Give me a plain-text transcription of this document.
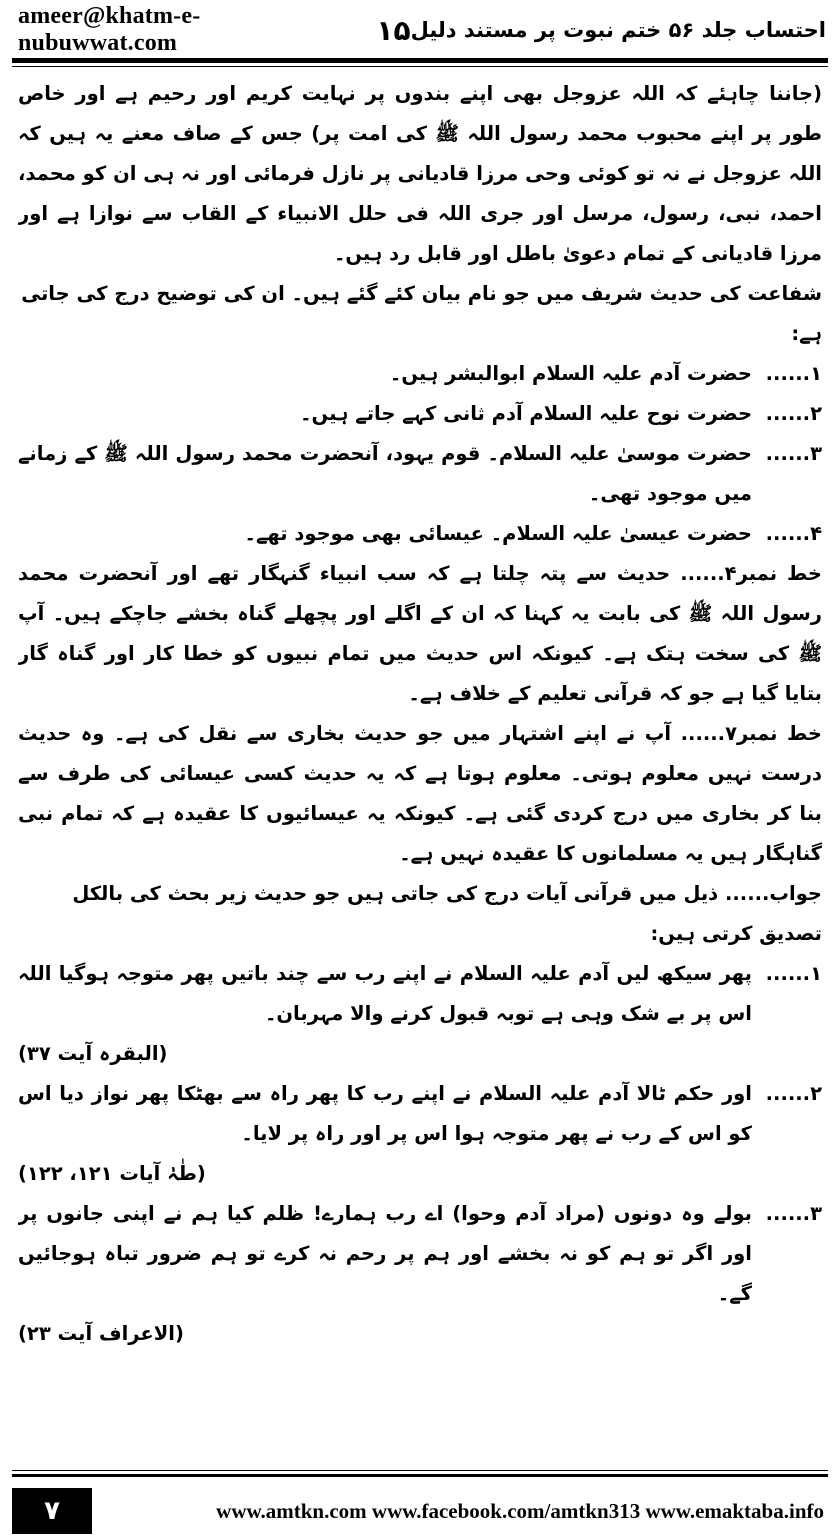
ameer@khatm-e-nubuwwat.com	۱۵ احتساب جلد ۵۶ ختم نبوت پر مستند دلیل

(جاننا چاہئے کہ اللہ عزوجل بھی اپنے بندوں پر نہایت کریم اور رحیم ہے اور خاص طور پر اپنے محبوب محمد رسول اللہ ﷺ کی امت پر) جس کے صاف معنے یہ ہیں کہ اللہ عزوجل نے نہ تو کوئی وحی مرزا قادیانی پر نازل فرمائی اور نہ ہی ان کو محمد، احمد، نبی، رسول، مرسل اور جری اللہ فی حلل الانبیاء کے القاب سے نوازا ہے اور مرزا قادیانی کے تمام دعویٰ باطل اور قابل رد ہیں۔

شفاعت کی حدیث شریف میں جو نام بیان کئے گئے ہیں۔ ان کی توضیح درج کی جاتی ہے:

۱......
حضرت آدم علیہ السلام ابوالبشر ہیں۔
۲......
حضرت نوح علیہ السلام آدم ثانی کہے جاتے ہیں۔
۳......
حضرت موسیٰ علیہ السلام۔ قوم یہود، آنحضرت محمد رسول اللہ ﷺ کے زمانے میں موجود تھی۔
۴......
حضرت عیسیٰ علیہ السلام۔ عیسائی بھی موجود تھے۔

خط نمبر۴...... حدیث سے پتہ چلتا ہے کہ سب انبیاء گنہگار تھے اور آنحضرت محمد رسول اللہ ﷺ کی بابت یہ کہنا کہ ان کے اگلے اور پچھلے گناہ بخشے جاچکے ہیں۔ آپ ﷺ کی سخت ہتک ہے۔ کیونکہ اس حدیث میں تمام نبیوں کو خطا کار اور گناہ گار بتایا گیا ہے جو کہ قرآنی تعلیم کے خلاف ہے۔

خط نمبر۷...... آپ نے اپنے اشتہار میں جو حدیث بخاری سے نقل کی ہے۔ وہ حدیث درست نہیں معلوم ہوتی۔ معلوم ہوتا ہے کہ یہ حدیث کسی عیسائی کی طرف سے بنا کر بخاری میں درج کردی گئی ہے۔ کیونکہ یہ عیسائیوں کا عقیدہ ہے کہ تمام نبی گناہگار ہیں یہ مسلمانوں کا عقیدہ نہیں ہے۔

جواب...... ذیل میں قرآنی آیات درج کی جاتی ہیں جو حدیث زیر بحث کی بالکل تصدیق کرتی ہیں:

۱......
پھر سیکھ لیں آدم علیہ السلام نے اپنے رب سے چند باتیں پھر متوجہ ہوگیا اللہ اس پر بے شک وہی ہے توبہ قبول کرنے والا مہربان۔
(البقرہ آیت ۳۷)
۲......
اور حکم ٹالا آدم علیہ السلام نے اپنے رب کا پھر راہ سے بھٹکا پھر نواز دیا اس کو اس کے رب نے پھر متوجہ ہوا اس پر اور راہ پر لایا۔
(طٰہٰ آیات ۱۲۱، ۱۲۲)
۳......
بولے وہ دونوں (مراد آدم وحوا) اے رب ہمارے! ظلم کیا ہم نے اپنی جانوں پر اور اگر تو ہم کو نہ بخشے اور ہم پر رحم نہ کرے تو ہم ضرور تباہ ہوجائیں گے۔
(الاعراف آیت ۲۳)
۷	www.amtkn.com www.facebook.com/amtkn313 www.emaktaba.info
